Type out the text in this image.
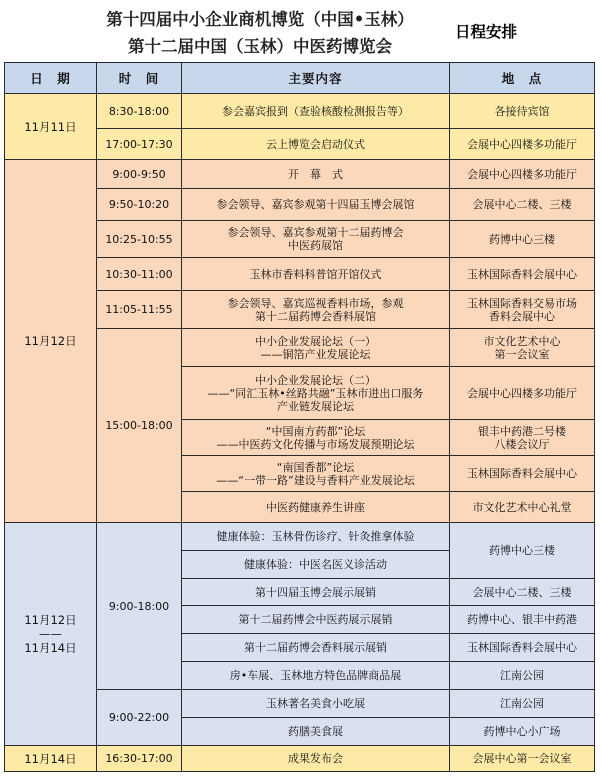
第十四届中小企业商机博览（中国•玉林）
第十二届中国（玉林）中医药博览会
日程安排
日　期	时　间	主要内容	地　点
11月11日	8:30-18:00	参会嘉宾报到（查验核酸检测报告等）	各接待宾馆

	17:00-17:30	云上博览会启动仪式	会展中心四楼多功能厅

11月12日	9:00-9:50	开　幕　式	会展中心四楼多功能厅

	9:50-10:20	参会领导、嘉宾参观第十四届玉博会展馆	会展中心二楼、三楼

	10:25-10:55	参会领导、嘉宾参观第十二届药博会
中医药展馆	药博中心三楼

	10:30-11:00	玉林市香料科普馆开馆仪式	玉林国际香料会展中心

	11:05-11:55	参会领导、嘉宾巡视香料市场，参观
第十二届药博会香料展馆	玉林国际香料交易市场
香料会展中心

	15:00-18:00	中小企业发展论坛（一）
——铜箔产业发展论坛	市文化艺术中心
第一会议室

		中小企业发展论坛（二）
——“同汇玉林•丝路共融”玉林市进出口服务
产业链发展论坛	会展中心四楼多功能厅

		“中国南方药都”论坛
——中医药文化传播与市场发展预期论坛	银丰中药港二号楼
八楼会议厅

		“南国香都”论坛
——“一带一路”建设与香料产业发展论坛	玉林国际香料会展中心

		中医药健康养生讲座	市文化艺术中心礼堂

11月12日
——
11月14日	9:00-18:00	健康体验：玉林骨伤诊疗、针灸推拿体验	药博中心三楼

		健康体验：中医名医义诊活动	

		第十四届玉博会展示展销	会展中心二楼、三楼

		第十二届药博会中医药展示展销	药博中心、银丰中药港

		第十二届药博会香料展示展销	玉林国际香料会展中心

		房•车展、玉林地方特色品牌商品展	江南公园

	9:00-22:00	玉林著名美食小吃展	江南公园

		药膳美食展	药博中心小广场

11月14日	16:30-17:00	成果发布会	会展中心第一会议室
